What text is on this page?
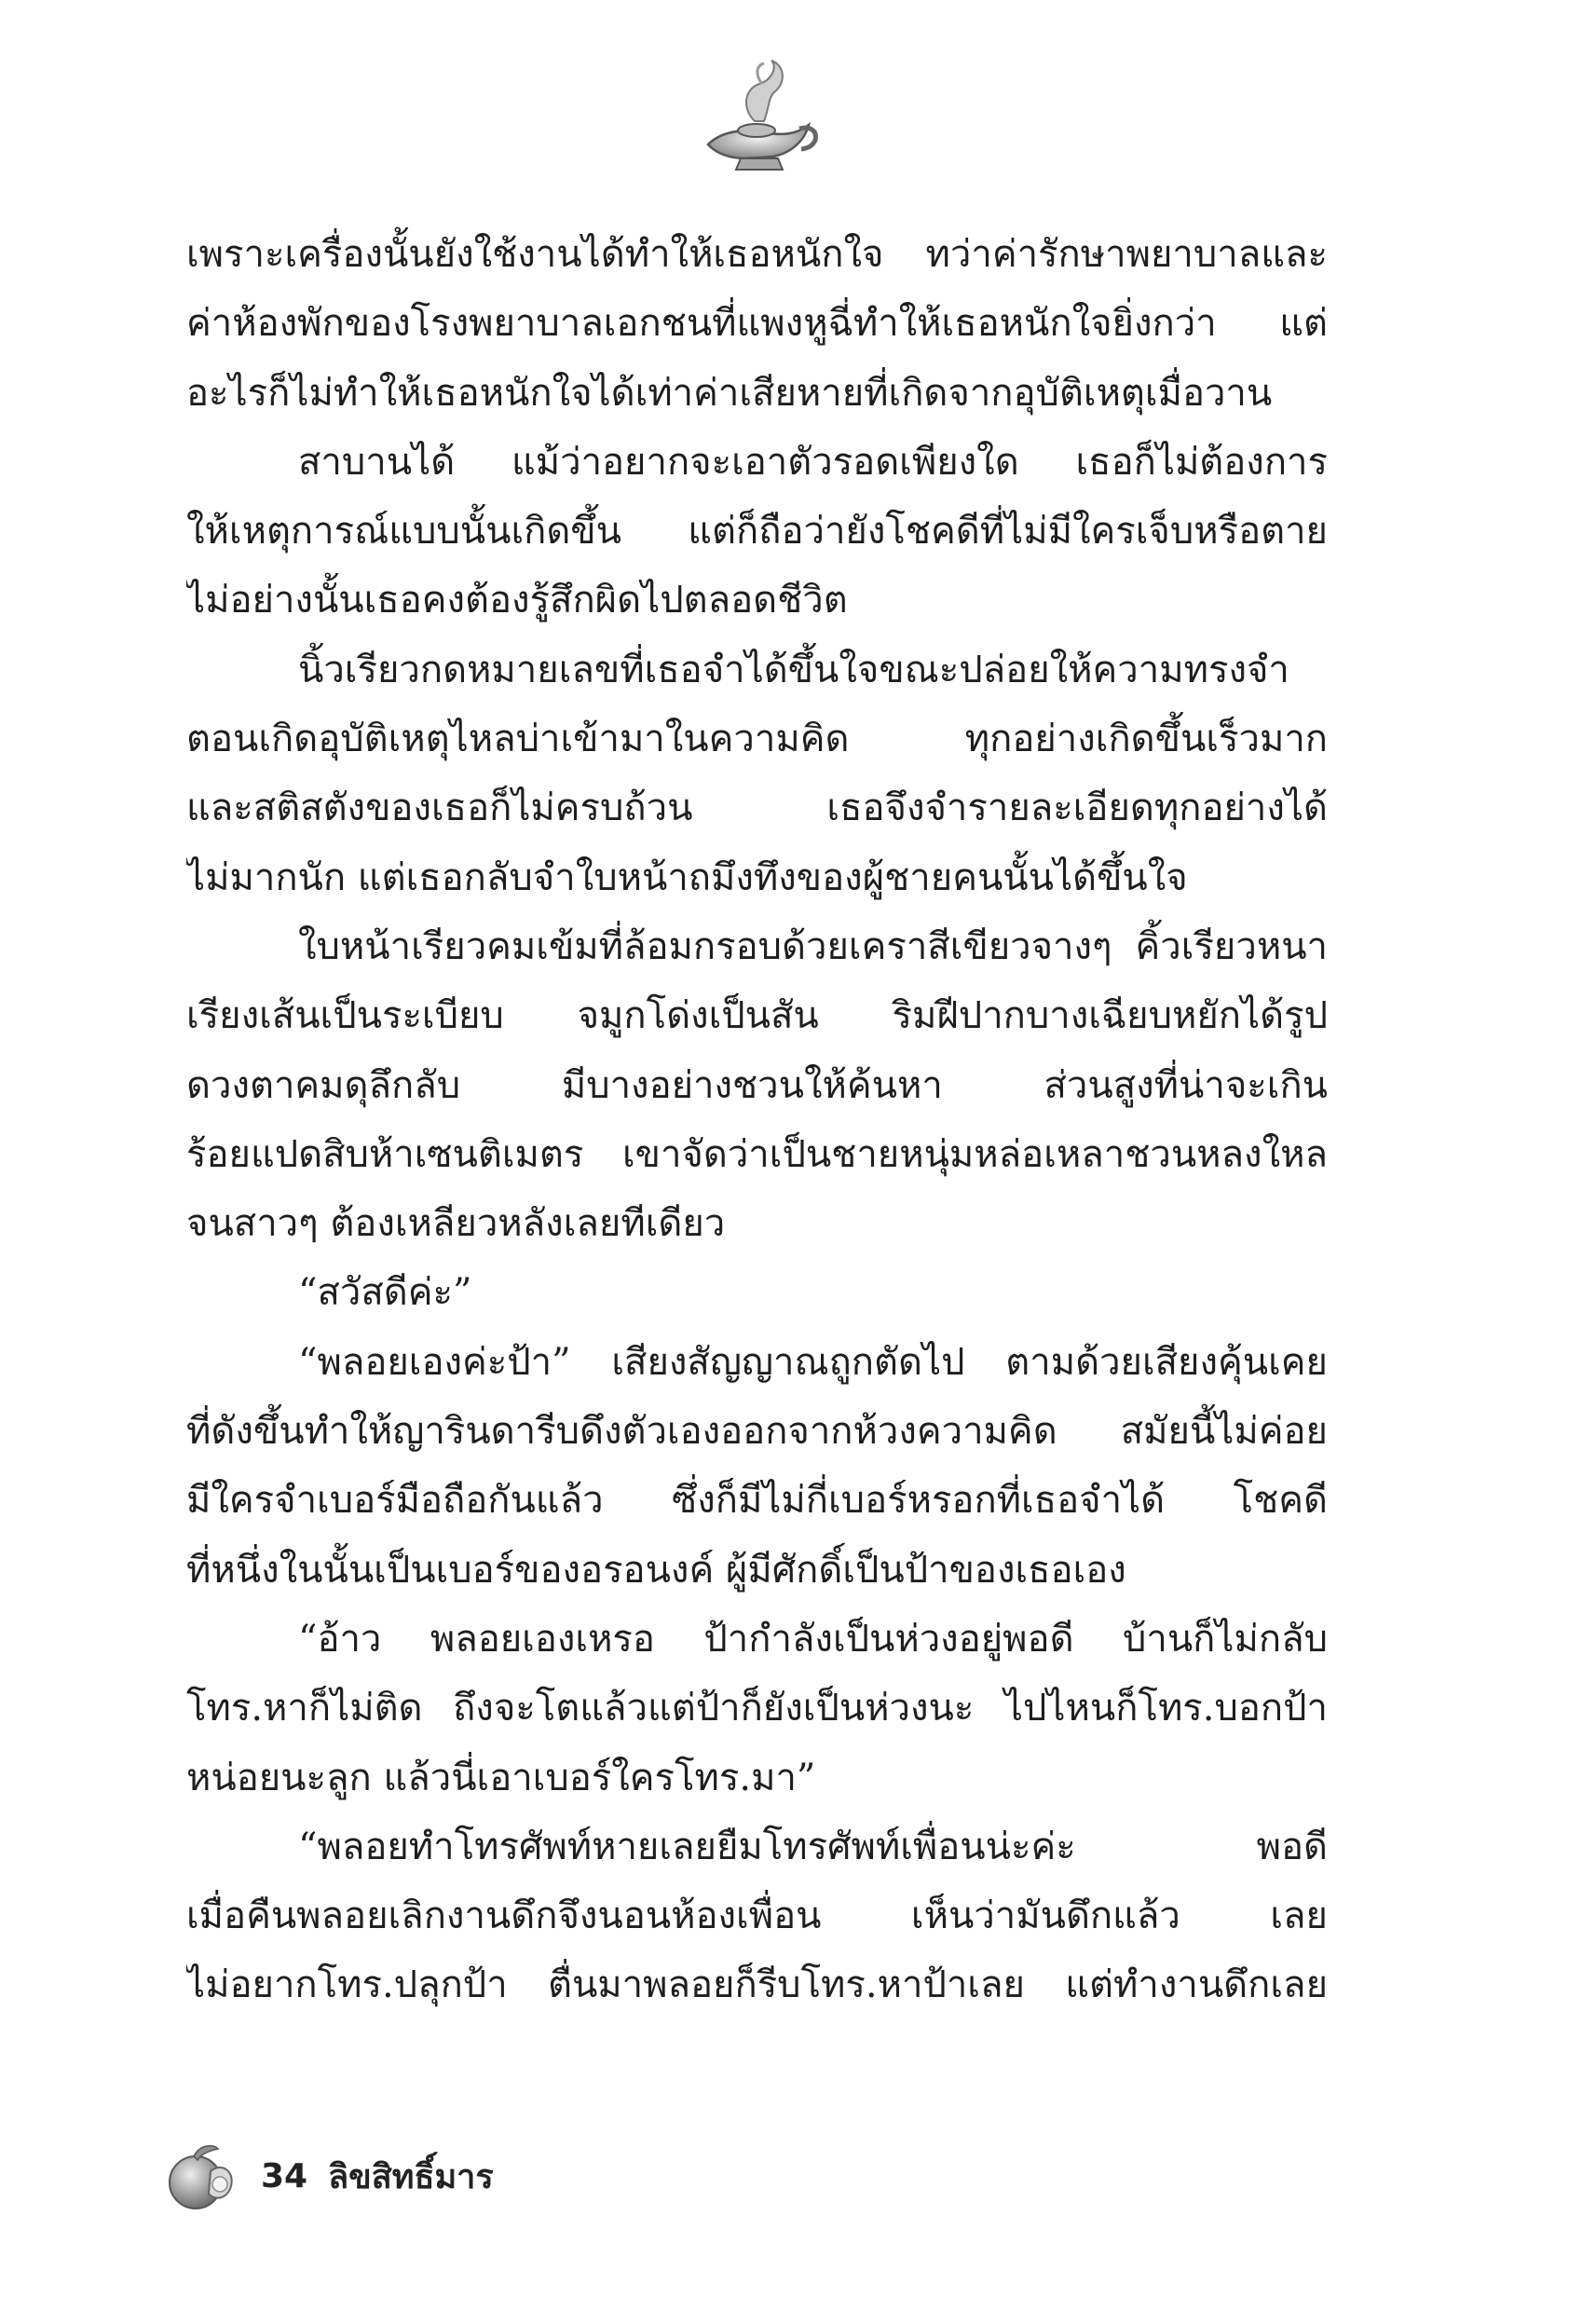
เพราะเครื่องนั้นยังใช้งานได้ทำให้เธอหนักใจ ทว่าค่ารักษาพยาบาลและ
ค่าห้องพักของโรงพยาบาลเอกชนที่แพงหูฉี่ทำให้เธอหนักใจยิ่งกว่า แต่
อะไรก็ไม่ทำให้เธอหนักใจได้เท่าค่าเสียหายที่เกิดจากอุบัติเหตุเมื่อวาน
สาบานได้ แม้ว่าอยากจะเอาตัวรอดเพียงใด เธอก็ไม่ต้องการ
ให้เหตุการณ์แบบนั้นเกิดขึ้น แต่ก็ถือว่ายังโชคดีที่ไม่มีใครเจ็บหรือตาย
ไม่อย่างนั้นเธอคงต้องรู้สึกผิดไปตลอดชีวิต
นิ้วเรียวกดหมายเลขที่เธอจำได้ขึ้นใจขณะปล่อยให้ความทรงจำ
ตอนเกิดอุบัติเหตุไหลบ่าเข้ามาในความคิด ทุกอย่างเกิดขึ้นเร็วมาก
และสติสตังของเธอก็ไม่ครบถ้วน เธอจึงจำรายละเอียดทุกอย่างได้
ไม่มากนัก แต่เธอกลับจำใบหน้าถมึงทึงของผู้ชายคนนั้นได้ขึ้นใจ
ใบหน้าเรียวคมเข้มที่ล้อมกรอบด้วยเคราสีเขียวจางๆ คิ้วเรียวหนา
เรียงเส้นเป็นระเบียบ จมูกโด่งเป็นสัน ริมฝีปากบางเฉียบหยักได้รูป
ดวงตาคมดุลึกลับ มีบางอย่างชวนให้ค้นหา ส่วนสูงที่น่าจะเกิน
ร้อยแปดสิบห้าเซนติเมตร เขาจัดว่าเป็นชายหนุ่มหล่อเหลาชวนหลงใหล
จนสาวๆ ต้องเหลียวหลังเลยทีเดียว
“สวัสดีค่ะ”
“พลอยเองค่ะป้า” เสียงสัญญาณถูกตัดไป ตามด้วยเสียงคุ้นเคย
ที่ดังขึ้นทำให้ญารินดารีบดึงตัวเองออกจากห้วงความคิด สมัยนี้ไม่ค่อย
มีใครจำเบอร์มือถือกันแล้ว ซึ่งก็มีไม่กี่เบอร์หรอกที่เธอจำได้ โชคดี
ที่หนึ่งในนั้นเป็นเบอร์ของอรอนงค์ ผู้มีศักดิ์เป็นป้าของเธอเอง
“อ้าว พลอยเองเหรอ ป้ากำลังเป็นห่วงอยู่พอดี บ้านก็ไม่กลับ
โทร.หาก็ไม่ติด ถึงจะโตแล้วแต่ป้าก็ยังเป็นห่วงนะ ไปไหนก็โทร.บอกป้า
หน่อยนะลูก แล้วนี่เอาเบอร์ใครโทร.มา”
“พลอยทำโทรศัพท์หายเลยยืมโทรศัพท์เพื่อนน่ะค่ะ พอดี
เมื่อคืนพลอยเลิกงานดึกจึงนอนห้องเพื่อน เห็นว่ามันดึกแล้ว เลย
ไม่อยากโทร.ปลุกป้า ตื่นมาพลอยก็รีบโทร.หาป้าเลย แต่ทำงานดึกเลย
34 ลิขสิทธิ์มาร
